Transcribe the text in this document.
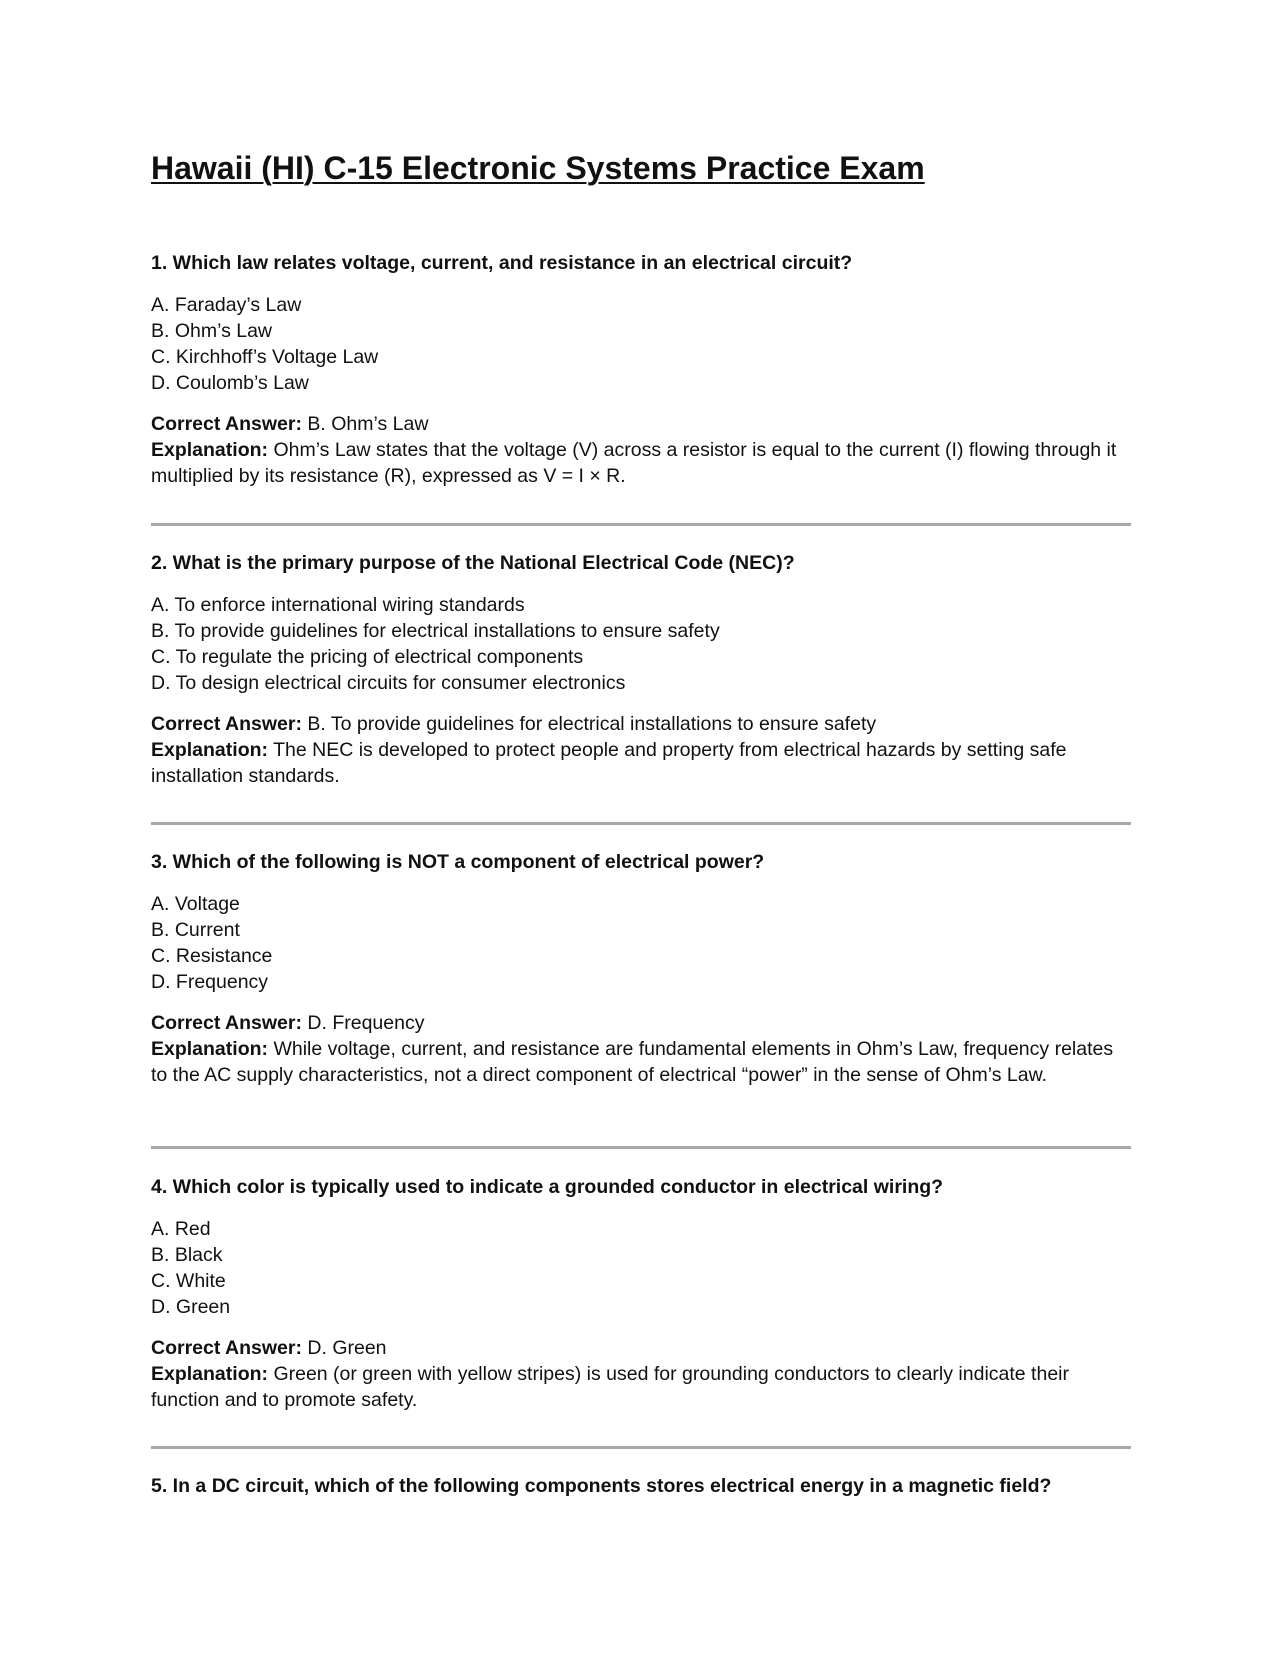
Hawaii (HI) C-15 Electronic Systems Practice Exam

1. Which law relates voltage, current, and resistance in an electrical circuit?

A. Faraday’s Law
B. Ohm’s Law
C. Kirchhoff’s Voltage Law
D. Coulomb’s Law

Correct Answer: B. Ohm’s Law

Explanation: Ohm’s Law states that the voltage (V) across a resistor is equal to the current (I) flowing through it multiplied by its resistance (R), expressed as V = I × R.

2. What is the primary purpose of the National Electrical Code (NEC)?

A. To enforce international wiring standards
B. To provide guidelines for electrical installations to ensure safety
C. To regulate the pricing of electrical components
D. To design electrical circuits for consumer electronics

Correct Answer: B. To provide guidelines for electrical installations to ensure safety

Explanation: The NEC is developed to protect people and property from electrical hazards by setting safe installation standards.

3. Which of the following is NOT a component of electrical power?

A. Voltage
B. Current
C. Resistance
D. Frequency

Correct Answer: D. Frequency

Explanation: While voltage, current, and resistance are fundamental elements in Ohm’s Law, frequency relates to the AC supply characteristics, not a direct component of electrical “power” in the sense of Ohm’s Law.

4. Which color is typically used to indicate a grounded conductor in electrical wiring?

A. Red
B. Black
C. White
D. Green

Correct Answer: D. Green

Explanation: Green (or green with yellow stripes) is used for grounding conductors to clearly indicate their function and to promote safety.

5. In a DC circuit, which of the following components stores electrical energy in a magnetic field?
